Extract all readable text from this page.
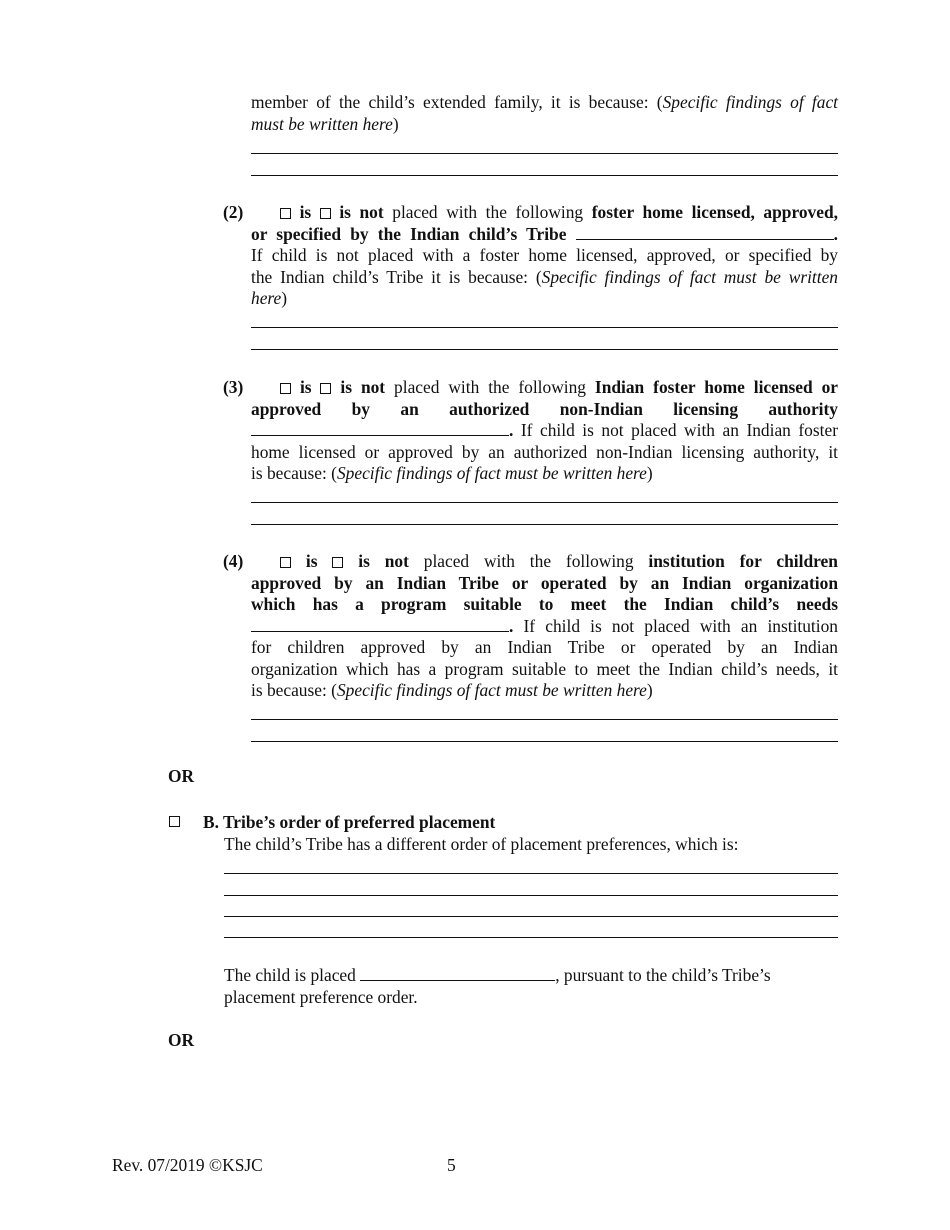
member of the child’s extended family, it is because: (Specific findings of fact
must be written here)
(2)	is is not placed with the following foster home licensed, approved,
or specified by the Indian child’s Tribe	.
If child is not placed with a foster home licensed, approved, or specified by
the Indian child’s Tribe it is because: (Specific findings of fact must be written
here)
(3)	is is not placed with the following Indian foster home licensed or
approved by an authorized non-Indian licensing authority
. If child is not placed with an Indian foster
home licensed or approved by an authorized non-Indian licensing authority, it
is because: (Specific findings of fact must be written here)
(4)	is is not placed with the following institution for children
approved by an Indian Tribe or operated by an Indian organization
which has a program suitable to meet the Indian child’s needs
. If child is not placed with an institution
for children approved by an Indian Tribe or operated by an Indian
organization which has a program suitable to meet the Indian child’s needs, it
is because: (Specific findings of fact must be written here)
OR
B. Tribe’s order of preferred placement
The child’s Tribe has a different order of placement preferences, which is:
The child is placed	, pursuant to the child’s Tribe’s
placement preference order.
OR
Rev. 07/2019 ©KSJC	5
